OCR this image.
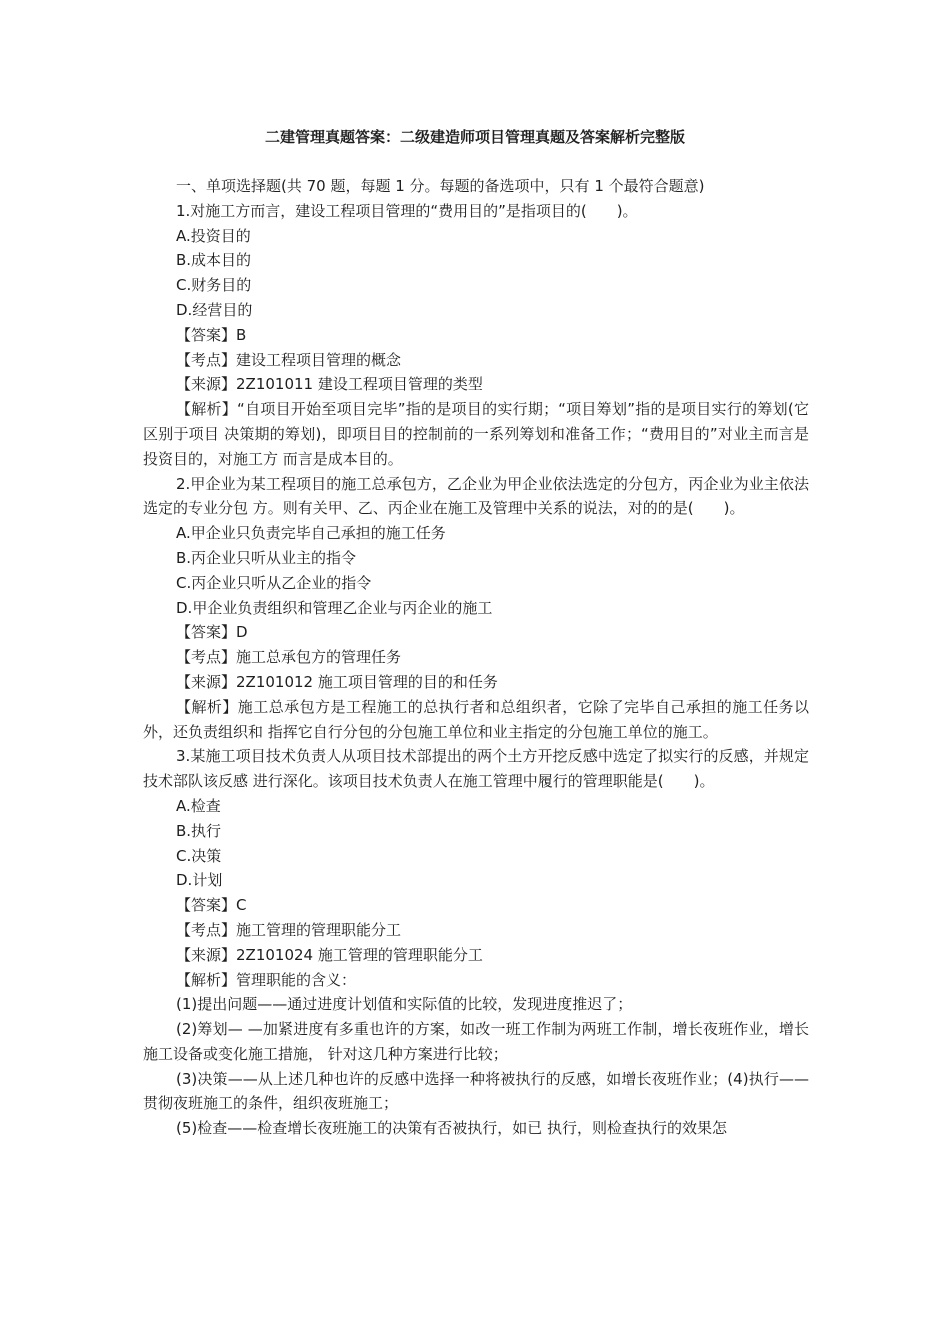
二建管理真题答案：二级建造师项目管理真题及答案解析完整版

一、单项选择题(共 70 题，每题 1 分。每题的备选项中，只有 1 个最符合题意)

1.对施工方而言，建设工程项目管理的“费用目的”是指项目的(　　)。

A.投资目的

B.成本目的

C.财务目的

D.经营目的

【答案】B

【考点】建设工程项目管理的概念

【来源】2Z101011 建设工程项目管理的类型

【解析】“自项目开始至项目完毕”指的是项目的实行期；“项目筹划”指的是项目实行的筹划(它区别于项目 决策期的筹划)，即项目目的控制前的一系列筹划和准备工作；“费用目的”对业主而言是投资目的，对施工方 而言是成本目的。

2.甲企业为某工程项目的施工总承包方，乙企业为甲企业依法选定的分包方，丙企业为业主依法选定的专业分包 方。则有关甲、乙、丙企业在施工及管理中关系的说法，对的的是(　　)。

A.甲企业只负责完毕自己承担的施工任务

B.丙企业只听从业主的指令

C.丙企业只听从乙企业的指令

D.甲企业负责组织和管理乙企业与丙企业的施工

【答案】D

【考点】施工总承包方的管理任务

【来源】2Z101012 施工项目管理的目的和任务

【解析】施工总承包方是工程施工的总执行者和总组织者，它除了完毕自己承担的施工任务以外，还负责组织和 指挥它自行分包的分包施工单位和业主指定的分包施工单位的施工。

3.某施工项目技术负责人从项目技术部提出的两个土方开挖反感中选定了拟实行的反感，并规定技术部队该反感 进行深化。该项目技术负责人在施工管理中履行的管理职能是(　　)。

A.检查

B.执行

C.决策

D.计划

【答案】C

【考点】施工管理的管理职能分工

【来源】2Z101024 施工管理的管理职能分工

【解析】管理职能的含义：

(1)提出问题——通过进度计划值和实际值的比较，发现进度推迟了；

(2)筹划— —加紧进度有多重也许的方案，如改一班工作制为两班工作制，增长夜班作业，增长施工设备或变化施工措施， 针对这几种方案进行比较；

(3)决策——从上述几种也许的反感中选择一种将被执行的反感，如增长夜班作业；(4)执行——贯彻夜班施工的条件，组织夜班施工；

(5)检查——检查增长夜班施工的决策有否被执行，如已 执行，则检查执行的效果怎
